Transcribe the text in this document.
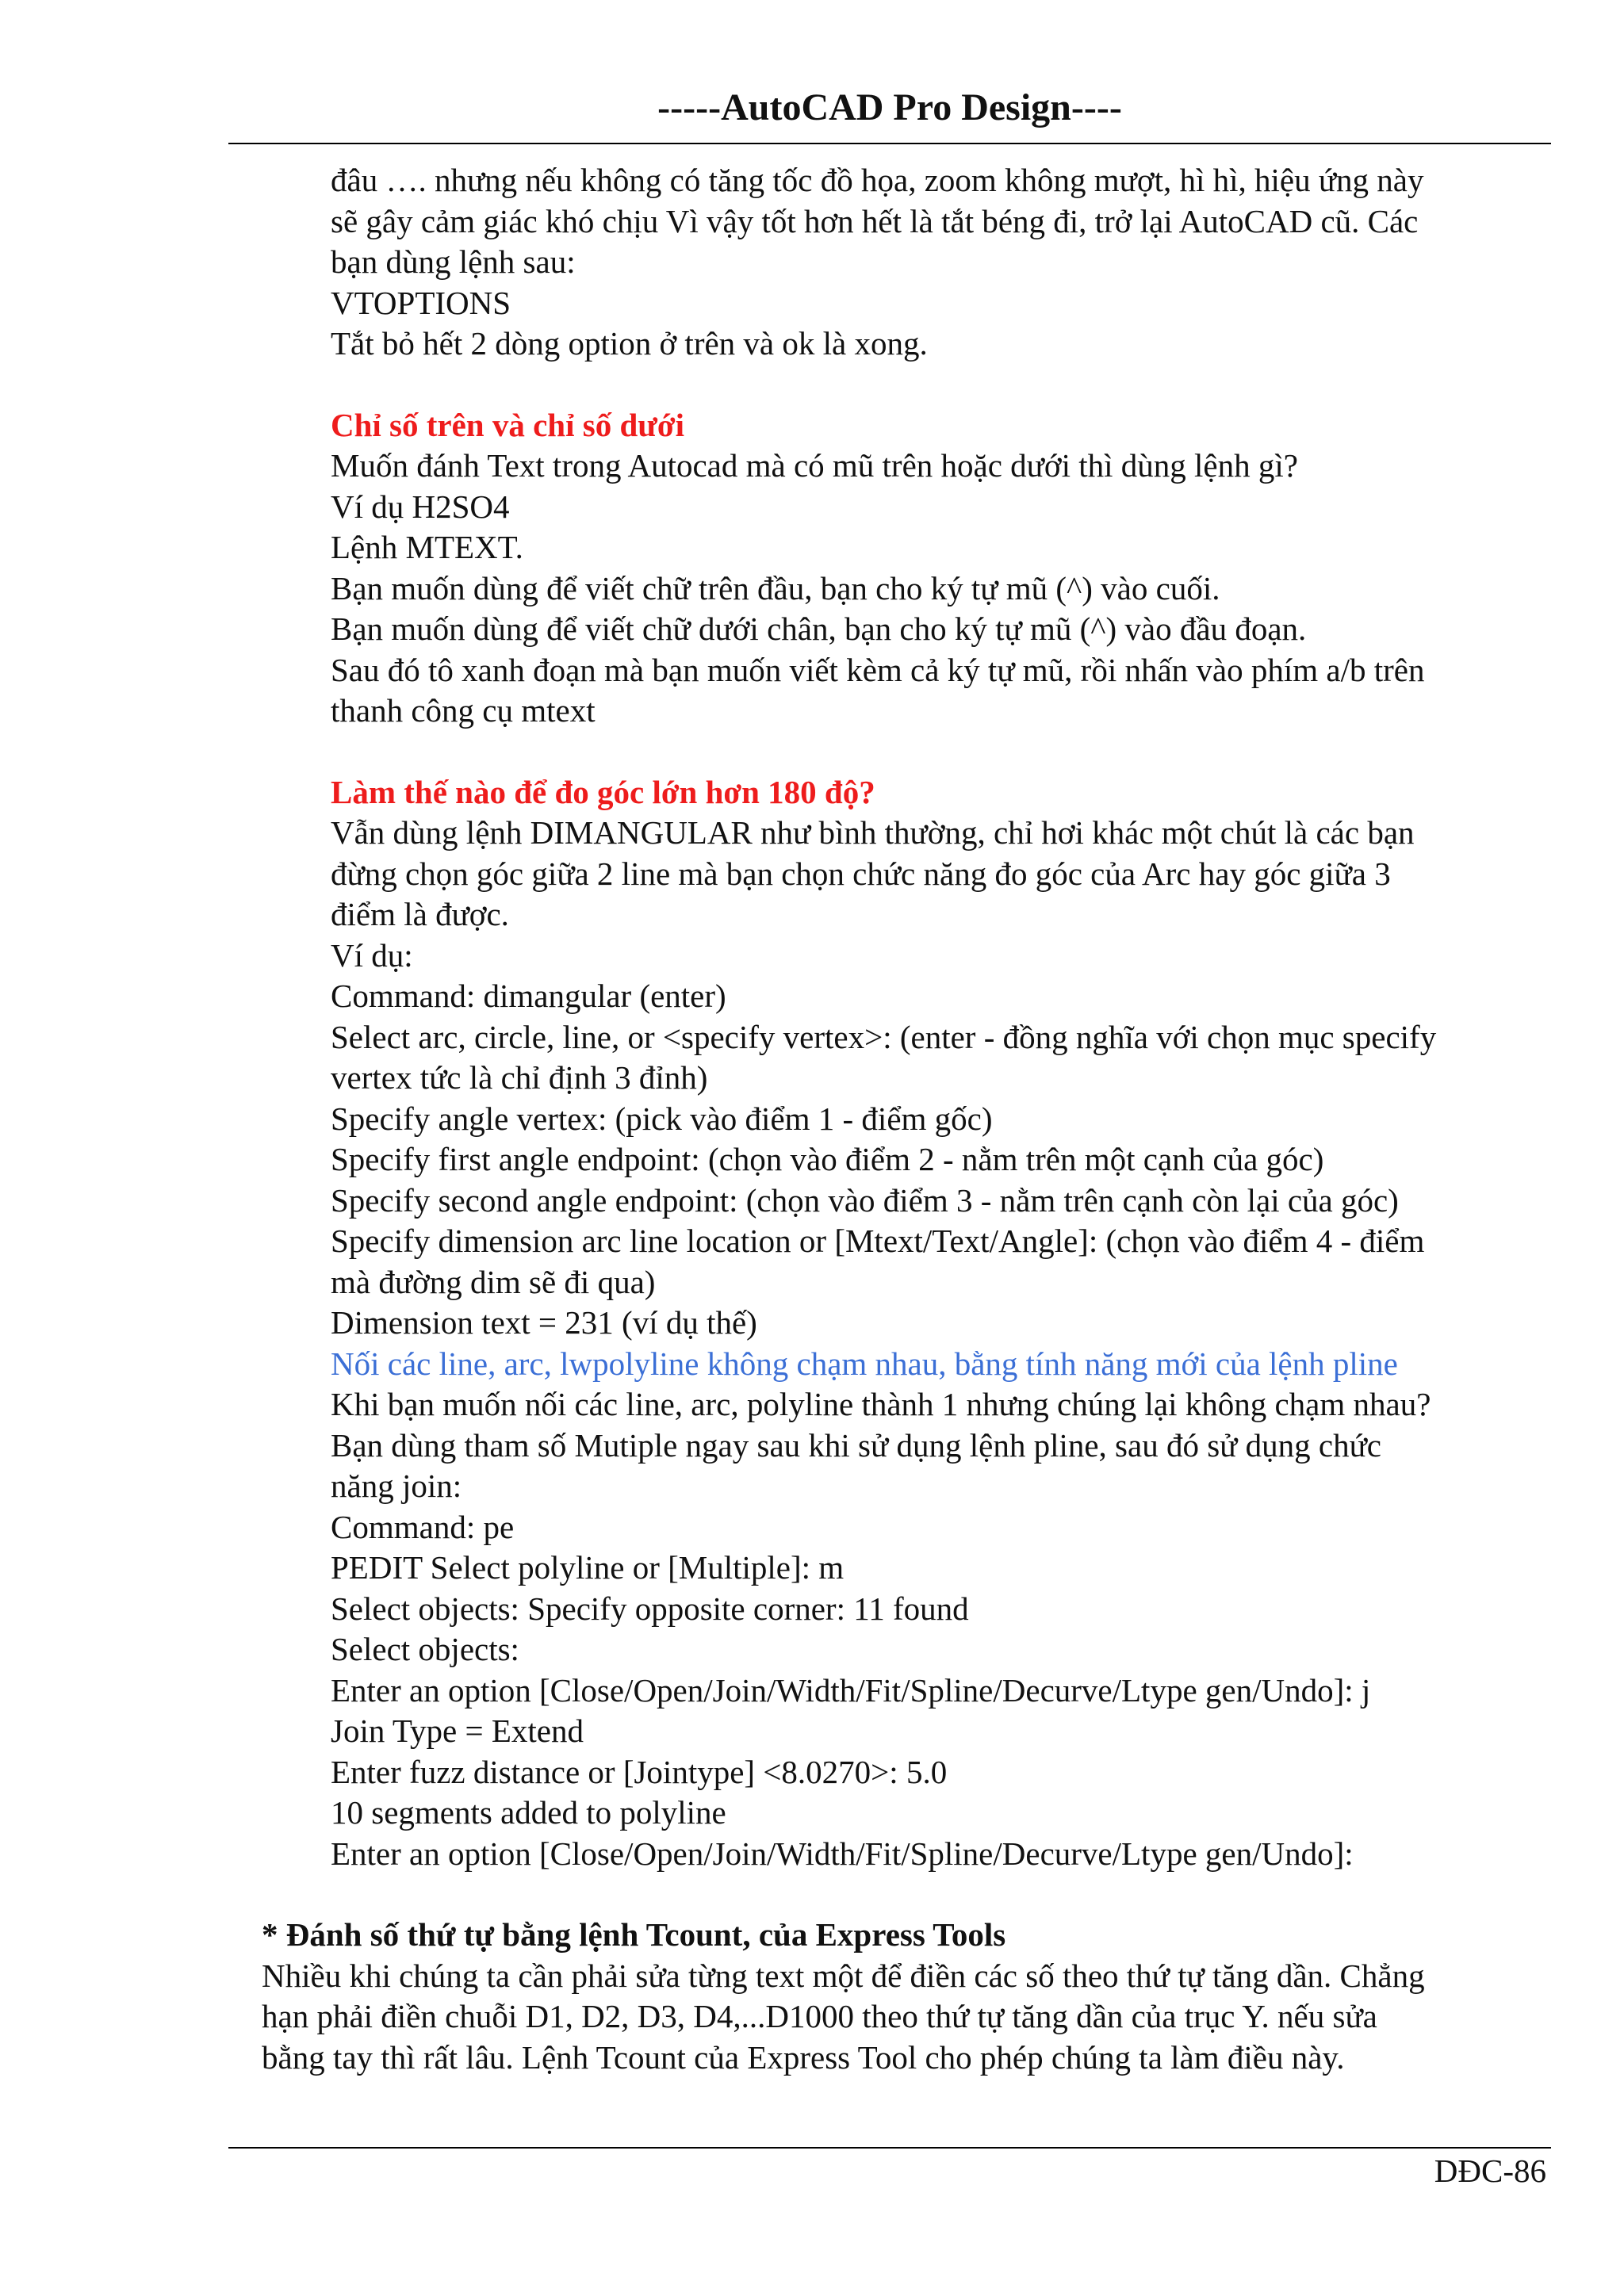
-----AutoCAD Pro Design----
đâu …. nhưng nếu không có tăng tốc đồ họa, zoom không mượt, hì hì, hiệu ứng này
sẽ gây cảm giác khó chịu Vì vậy tốt hơn hết là tắt béng đi, trở lại AutoCAD cũ. Các
bạn dùng lệnh sau:
VTOPTIONS
Tắt bỏ hết 2 dòng option ở trên và ok là xong.
Chỉ số trên và chỉ số dưới
Muốn đánh Text trong Autocad mà có mũ trên hoặc dưới thì dùng lệnh gì?
Ví dụ H2SO4
Lệnh MTEXT.
Bạn muốn dùng để viết chữ trên đầu, bạn cho ký tự mũ (^) vào cuối.
Bạn muốn dùng để viết chữ dưới chân, bạn cho ký tự mũ (^) vào đầu đoạn.
Sau đó tô xanh đoạn mà bạn muốn viết kèm cả ký tự mũ, rồi nhấn vào phím a/b trên
thanh công cụ mtext
Làm thế nào để đo góc lớn hơn 180 độ?
Vẫn dùng lệnh DIMANGULAR như bình thường, chỉ hơi khác một chút là các bạn
đừng chọn góc giữa 2 line mà bạn chọn chức năng đo góc của Arc hay góc giữa 3
điểm là được.
Ví dụ:
Command: dimangular (enter)
Select arc, circle, line, or <specify vertex>: (enter - đồng nghĩa với chọn mục specify
vertex tức là chỉ định 3 đỉnh)
Specify angle vertex: (pick vào điểm 1 - điểm gốc)
Specify first angle endpoint: (chọn vào điểm 2 - nằm trên một cạnh của góc)
Specify second angle endpoint: (chọn vào điểm 3 - nằm trên cạnh còn lại của góc)
Specify dimension arc line location or [Mtext/Text/Angle]: (chọn vào điểm 4 - điểm
mà đường dim sẽ đi qua)
Dimension text = 231 (ví dụ thế)
Nối các line, arc, lwpolyline không chạm nhau, bằng tính năng mới của lệnh pline
Khi bạn muốn nối các line, arc, polyline thành 1 nhưng chúng lại không chạm nhau?
Bạn dùng tham số Mutiple ngay sau khi sử dụng lệnh pline, sau đó sử dụng chức
năng join:
Command: pe
PEDIT Select polyline or [Multiple]: m
Select objects: Specify opposite corner: 11 found
Select objects:
Enter an option [Close/Open/Join/Width/Fit/Spline/Decurve/Ltype gen/Undo]: j
Join Type = Extend
Enter fuzz distance or [Jointype] <8.0270>: 5.0
10 segments added to polyline
Enter an option [Close/Open/Join/Width/Fit/Spline/Decurve/Ltype gen/Undo]:
* Đánh số thứ tự bằng lệnh Tcount, của Express Tools
Nhiều khi chúng ta cần phải sửa từng text một để điền các số theo thứ tự tăng dần. Chẳng
hạn phải điền chuỗi D1, D2, D3, D4,...D1000 theo thứ tự tăng dần của trục Y. nếu sửa
bằng tay thì rất lâu. Lệnh Tcount của Express Tool cho phép chúng ta làm điều này.
DĐC-86
